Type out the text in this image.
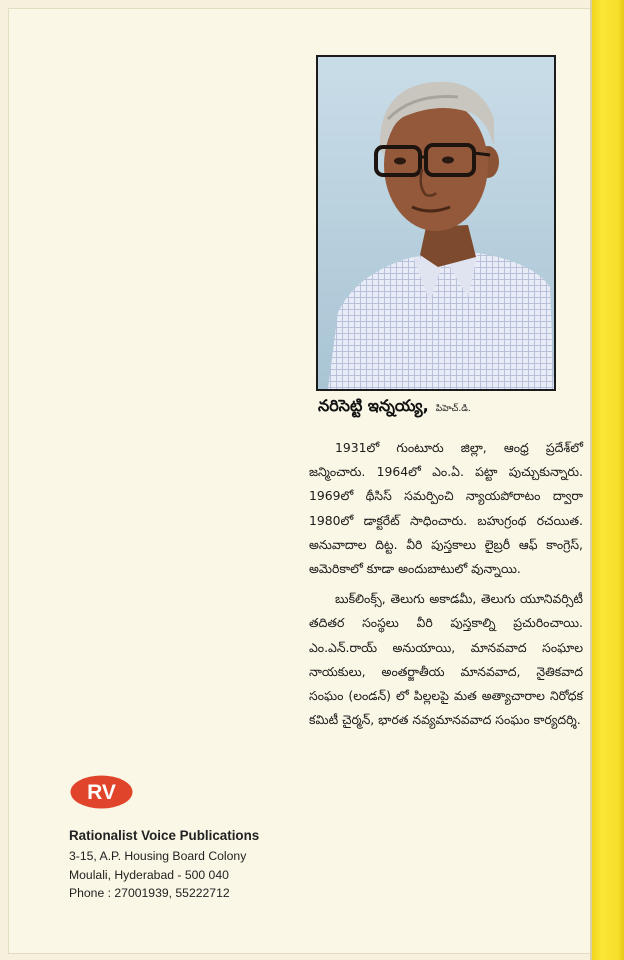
నరిసెట్టి ఇన్నయ్య, పిహెచ్.డి.

1931లో గుంటూరు జిల్లా, ఆంధ్ర ప్రదేశ్‌లో జన్మించారు. 1964లో ఎం.ఏ. పట్టా పుచ్చుకున్నారు. 1969లో థీసిస్ సమర్పించి న్యాయపోరాటం ద్వారా 1980లో డాక్టరేట్ సాధించారు. బహుగ్రంథ రచయిత. అనువాదాల దిట్ట. వీరి పుస్తకాలు లైబ్రరీ ఆఫ్ కాంగ్రెస్, అమెరికాలో కూడా అందుబాటులో వున్నాయి.

బుక్‌లింక్స్, తెలుగు అకాడమీ, తెలుగు యూనివర్సిటీ తదితర సంస్థలు వీరి పుస్తకాల్ని ప్రచురించాయి. ఎం.ఎన్.రాయ్ అనుయాయి, మానవవాద సంఘాల నాయకులు, అంతర్జాతీయ మానవవాద, నైతికవాద సంఘం (లండన్) లో పిల్లలపై మత అత్యాచారాల నిరోధక కమిటీ చైర్మన్, భారత నవ్యమానవవాద సంఘం కార్యదర్శి.

RV
Rationalist Voice Publications
3-15, A.P. Housing Board Colony
Moulali, Hyderabad - 500 040
Phone : 27001939, 55222712
